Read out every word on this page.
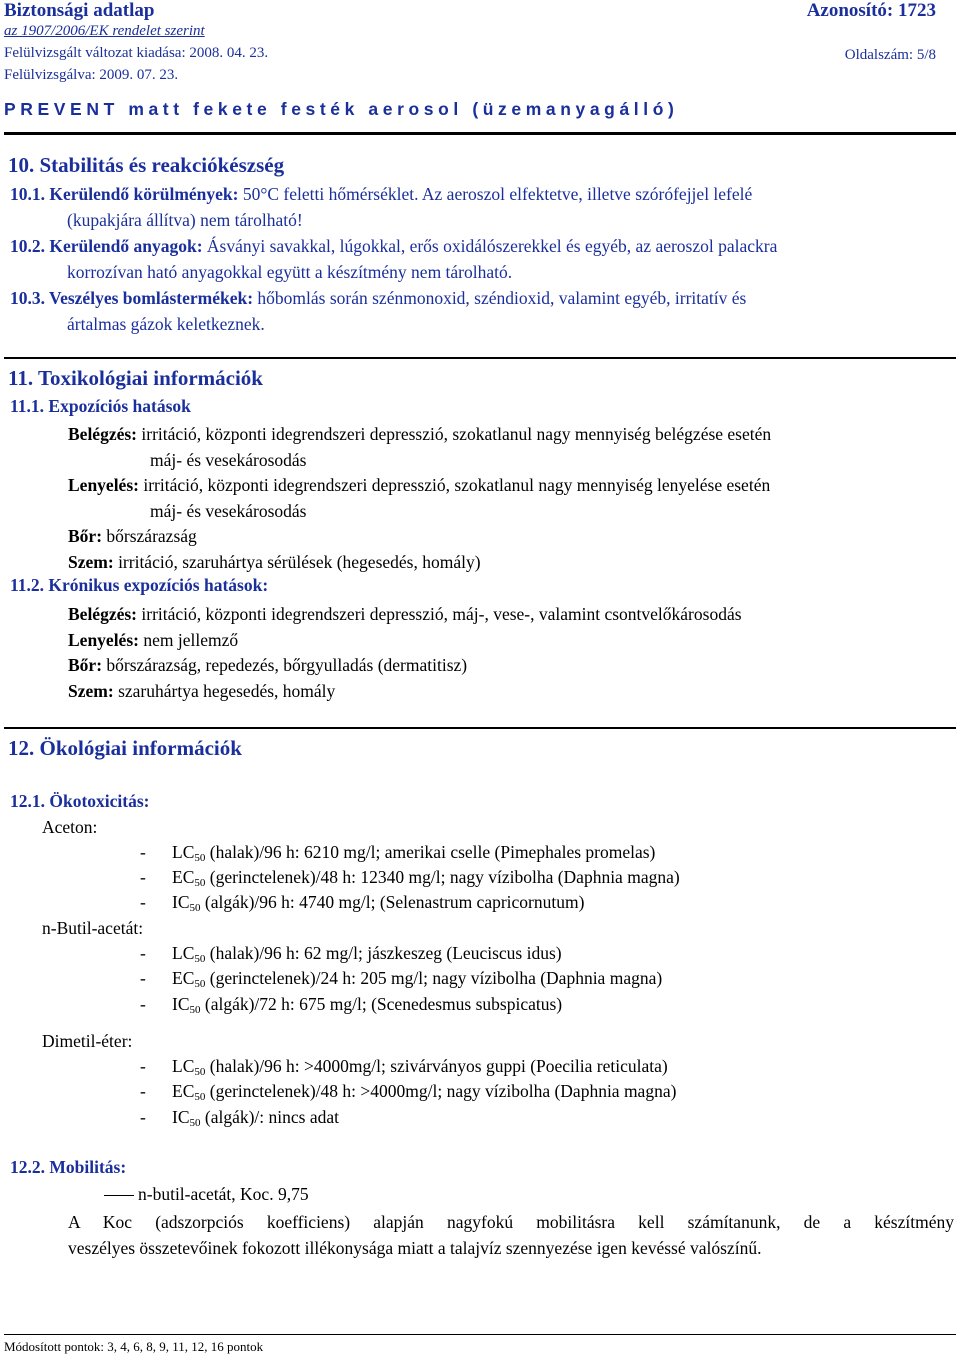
Biztonsági adatlap	Azonosító: 1723
az 1907/2006/EK rendelet szerint
Felülvizsgált változat kiadása: 2008. 04. 23.	Oldalszám: 5/8
Felülvizsgálva: 2009. 07. 23.
PREVENT matt fekete festék aerosol (üzemanyagálló)
10. Stabilitás és reakciókészség
10.1. Kerülendő körülmények: 50°C feletti hőmérséklet. Az aeroszol elfektetve, illetve szórófejjel lefelé
(kupakjára állítva) nem tárolható!
10.2. Kerülendő anyagok: Ásványi savakkal, lúgokkal, erős oxidálószerekkel és egyéb, az aeroszol palackra
korrozívan ható anyagokkal együtt a készítmény nem tárolható.
10.3. Veszélyes bomlástermékek: hőbomlás során szénmonoxid, széndioxid, valamint egyéb, irritatív és
ártalmas gázok keletkeznek.
11. Toxikológiai információk
11.1. Expozíciós hatások
Belégzés: irritáció, központi idegrendszeri depresszió, szokatlanul nagy mennyiség belégzése esetén
máj- és vesekárosodás
Lenyelés: irritáció, központi idegrendszeri depresszió, szokatlanul nagy mennyiség lenyelése esetén
máj- és vesekárosodás
Bőr: bőrszárazság
Szem: irritáció, szaruhártya sérülések (hegesedés, homály)
11.2. Krónikus expozíciós hatások:
Belégzés: irritáció, központi idegrendszeri depresszió, máj-, vese-, valamint csontvelőkárosodás
Lenyelés: nem jellemző
Bőr: bőrszárazság, repedezés, bőrgyulladás (dermatitisz)
Szem: szaruhártya hegesedés, homály
12. Ökológiai információk
12.1. Ökotoxicitás:
Aceton:
- $LC_{50}$ (halak)/96 h: 6210 mg/l; amerikai cselle (Pimephales promelas)
- $EC_{50}$ (gerinctelenek)/48 h: 12340 mg/l; nagy vízibolha (Daphnia magna)
- $IC_{50}$ (algák)/96 h: 4740 mg/l; (Selenastrum capricornutum)
n-Butil-acetát:
- $LC_{50}$ (halak)/96 h: 62 mg/l; jászkeszeg (Leuciscus idus)
- $EC_{50}$ (gerinctelenek)/24 h: 205 mg/l; nagy vízibolha (Daphnia magna)
- $IC_{50}$ (algák)/72 h: 675 mg/l; (Scenedesmus subspicatus)
Dimetil-éter:
- $LC_{50}$ (halak)/96 h: >4000mg/l; szivárványos guppi (Poecilia reticulata)
- $EC_{50}$ (gerinctelenek)/48 h: >4000mg/l; nagy vízibolha (Daphnia magna)
- $IC_{50}$ (algák)/: nincs adat
12.2. Mobilitás:
n-butil-acetát, Koc. 9,75
A Koc (adszorpciós koefficiens) alapján nagyfokú mobilitásra kell számítanunk, de a készítmény
veszélyes összetevőinek fokozott illékonysága miatt a talajvíz szennyezése igen kevéssé valószínű.
Módosított pontok: 3, 4, 6, 8, 9, 11, 12, 16 pontok
